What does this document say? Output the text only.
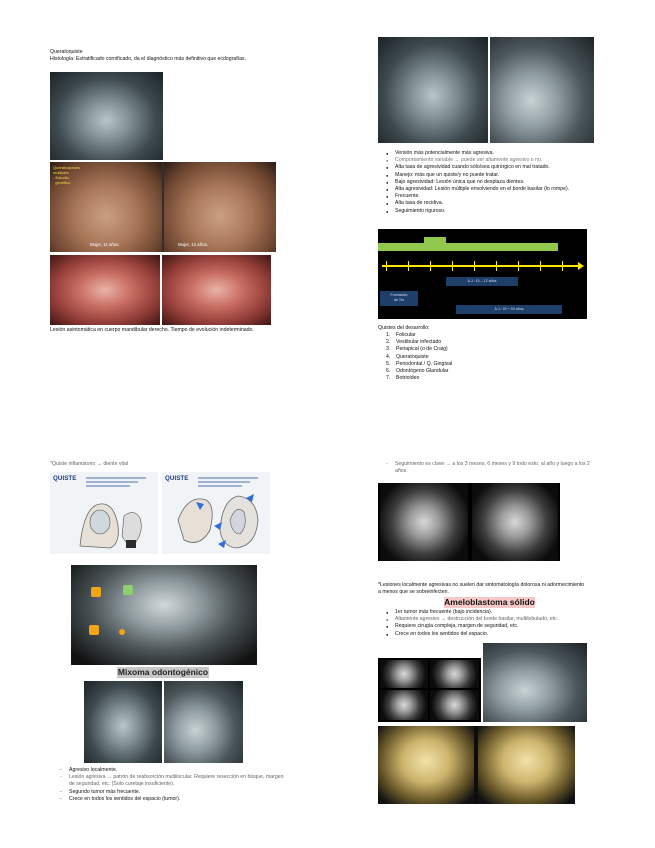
Queratoquiste
Histología: Estratificado cornificado, da el diagnóstico más definitivo que ecdografías.
Queratoquistes
múltiples
- Estudio
genético
Mujer, 11 años.	Mujer, 12 años.
Lesión asintomática en cuerpo mandibular derecho. Tiempo de evolución indeterminado.
● Versión más potencialmente más agresiva.
● Comportamiento variable → puede ser altamente agresivo o no.
● Alta tasa de agresividad cuando sólo/sea quirúrgico en mal tratado.
● Manejo: más que un quiste/y no puede tratar.
● Bajo agresividad: Lesión única que no desplaza dientes.
● Alta agresividad: Lesión múltiple envolviendo en el borde basilar (lo rompe).
● Frecuente.
● Alta tasa de recidiva.
● Seguimiento riguroso.
A.J.: 10 – 12 años
Formación
de Tto
A.J.: 40 + 50 años
Quistes del desarrollo:
1. Folicular
2. Vestibular infectado
3. Periapical (o de Craig)
4. Queratoquiste
5. Periodontal / Q. Gingival
6. Odontógeno Glandular
7. Botrioideo
*Quiste inflamatorio → diente vital
QUISTE	QUISTE
Mixoma odontogénico
- Agresivo localmente.
- Lesión agresiva → patrón de reabsorción multilocular. Requiere resección en bloque, margen de seguridad, etc. (Solo curetaje insuficiente).
- Segundo tumor más frecuente.
- Crece en todos los sentidos del espacio (tumor).
- Seguimiento es clave → a los 3 meses, 6 meses y 9 todo esto, al año y luego a los 2 años.
*Lesiones localmente agresivas no suelen dar sintomatología dolorosa ni adormecimiento a menos que se sobreinfecten.
Ameloblastoma sólido
● 1er tumor más frecuente (bajo incidencia).
● Altamente agresivo → destrucción del borde basilar, multilobulado, etc.
● Requiere cirugía compleja, margen de seguridad, etc.
● Crece en todos los sentidos del espacio.
